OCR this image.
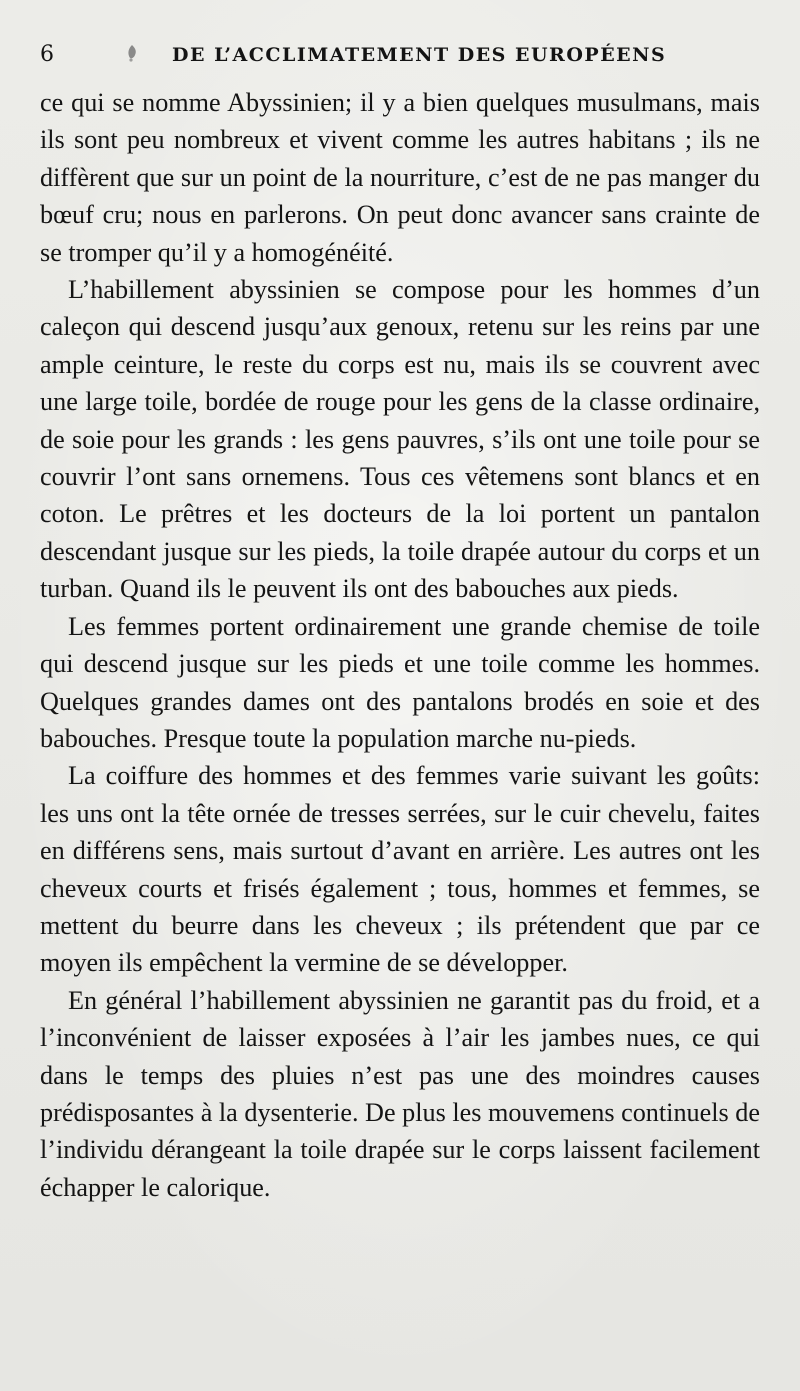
6	DE L’ACCLIMATEMENT DES EUROPÉENS

ce qui se nomme Abyssinien; il y a bien quelques musulmans, mais ils sont peu nombreux et vivent comme les autres habitans ; ils ne diffèrent que sur un point de la nourriture, c’est de ne pas manger du bœuf cru; nous en parlerons. On peut donc avancer sans crainte de se tromper qu’il y a homogénéité.

L’habillement abyssinien se compose pour les hommes d’un caleçon qui descend jusqu’aux genoux, retenu sur les reins par une ample ceinture, le reste du corps est nu, mais ils se couvrent avec une large toile, bordée de rouge pour les gens de la classe ordinaire, de soie pour les grands : les gens pauvres, s’ils ont une toile pour se couvrir l’ont sans ornemens. Tous ces vêtemens sont blancs et en coton. Le prêtres et les docteurs de la loi portent un pantalon descendant jusque sur les pieds, la toile drapée autour du corps et un turban. Quand ils le peuvent ils ont des babouches aux pieds.

Les femmes portent ordinairement une grande chemise de toile qui descend jusque sur les pieds et une toile comme les hommes. Quelques grandes dames ont des pantalons brodés en soie et des babouches. Presque toute la population marche nu-pieds.

La coiffure des hommes et des femmes varie suivant les goûts: les uns ont la tête ornée de tresses serrées, sur le cuir chevelu, faites en différens sens, mais surtout d’avant en arrière. Les autres ont les cheveux courts et frisés également ; tous, hommes et femmes, se mettent du beurre dans les cheveux ; ils prétendent que par ce moyen ils empêchent la vermine de se développer.

En général l’habillement abyssinien ne garantit pas du froid, et a l’inconvénient de laisser exposées à l’air les jambes nues, ce qui dans le temps des pluies n’est pas une des moindres causes prédisposantes à la dysenterie. De plus les mouvemens continuels de l’individu dérangeant la toile drapée sur le corps laissent facilement échapper le calorique.
